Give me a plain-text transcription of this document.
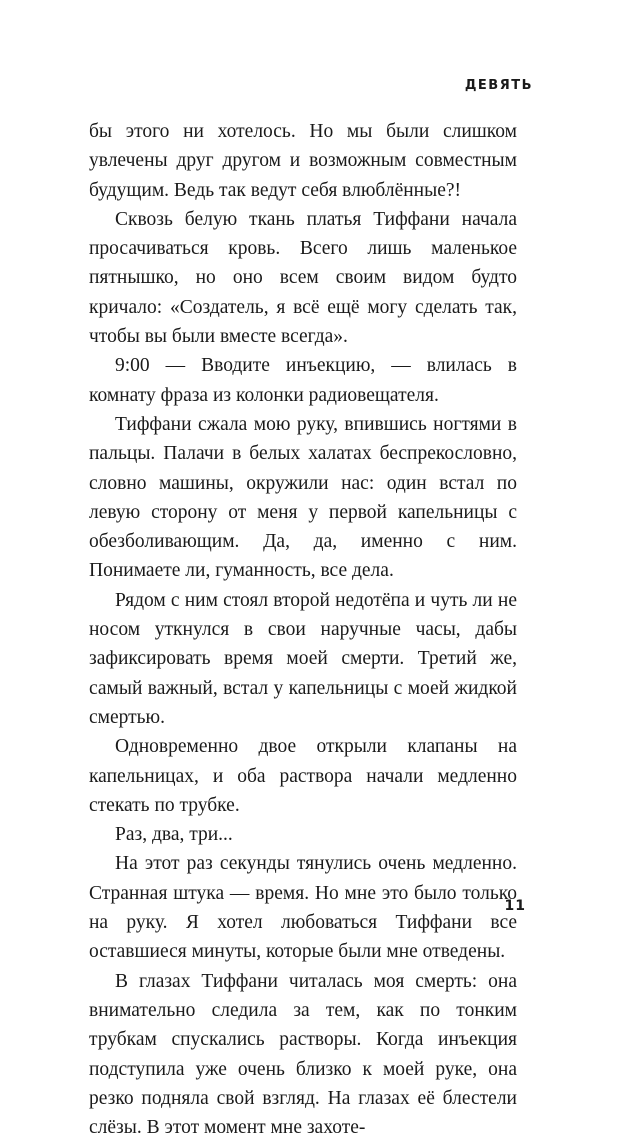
ДЕВЯТЬ

бы этого ни хотелось. Но мы были слишком увлечены друг другом и возможным совместным будущим. Ведь так ведут себя влюблённые?!

Сквозь белую ткань платья Тиффани начала просачиваться кровь. Всего лишь маленькое пятнышко, но оно всем своим видом будто кричало: «Создатель, я всё ещё могу сделать так, чтобы вы были вместе всегда».

9:00 — Вводите инъекцию, — влилась в комнату фраза из колонки радиовещателя.

Тиффани сжала мою руку, впившись ногтями в пальцы. Палачи в белых халатах беспрекословно, словно машины, окружили нас: один встал по левую сторону от меня у первой капельницы с обезболивающим. Да, да, именно с ним. Понимаете ли, гуманность, все дела.

Рядом с ним стоял второй недотёпа и чуть ли не носом уткнулся в свои наручные часы, дабы зафиксировать время моей смерти. Третий же, самый важный, встал у капельницы с моей жидкой смертью.

Одновременно двое открыли клапаны на капельницах, и оба раствора начали медленно стекать по трубке.

Раз, два, три...

На этот раз секунды тянулись очень медленно. Странная штука — время. Но мне это было только на руку. Я хотел любоваться Тиффани все оставшиеся минуты, которые были мне отведены.

В глазах Тиффани читалась моя смерть: она внимательно следила за тем, как по тонким трубкам спускались растворы. Когда инъекция подступила уже очень близко к моей руке, она резко подняла свой взгляд. На глазах её блестели слёзы. В этот момент мне захоте-

11
